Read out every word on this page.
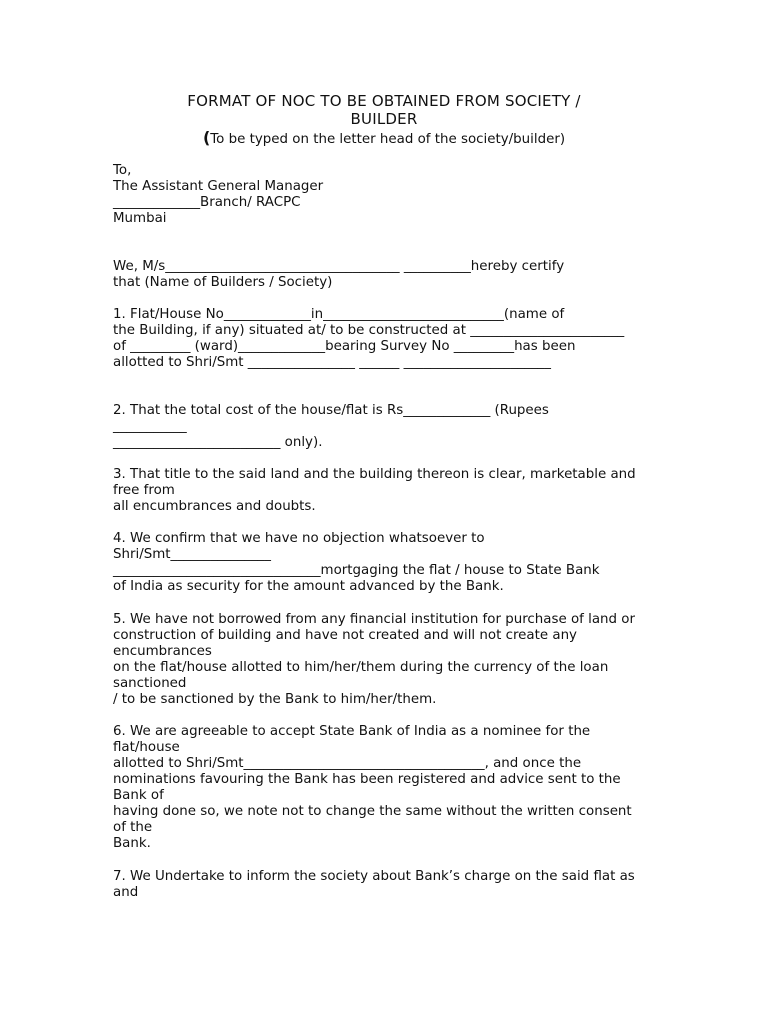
FORMAT OF NOC TO BE OBTAINED FROM SOCIETY /
BUILDER
(To be typed on the letter head of the society/builder)
To,
The Assistant General Manager
_____________Branch/ RACPC
Mumbai
We, M/s___________________________________ __________hereby certify
that (Name of Builders / Society)
1. Flat/House No_____________in___________________________(name of
the Building, if any) situated at/ to be constructed at _______________________
of _________ (ward)_____________bearing Survey No _________has been
allotted to Shri/Smt ________________ ______ ______________________
2. That the total cost of the house/flat is Rs_____________ (Rupees
___________
_________________________ only).
3. That title to the said land and the building thereon is clear, marketable and
free from
all encumbrances and doubts.
4. We confirm that we have no objection whatsoever to
Shri/Smt_______________
_______________________________mortgaging the flat / house to State Bank
of India as security for the amount advanced by the Bank.
5. We have not borrowed from any financial institution for purchase of land or
construction of building and have not created and will not create any
encumbrances
on the flat/house allotted to him/her/them during the currency of the loan
sanctioned
/ to be sanctioned by the Bank to him/her/them.
6. We are agreeable to accept State Bank of India as a nominee for the
flat/house
allotted to Shri/Smt____________________________________, and once the
nominations favouring the Bank has been registered and advice sent to the
Bank of
having done so, we note not to change the same without the written consent
of the
Bank.
7. We Undertake to inform the society about Bank’s charge on the said flat as
and
